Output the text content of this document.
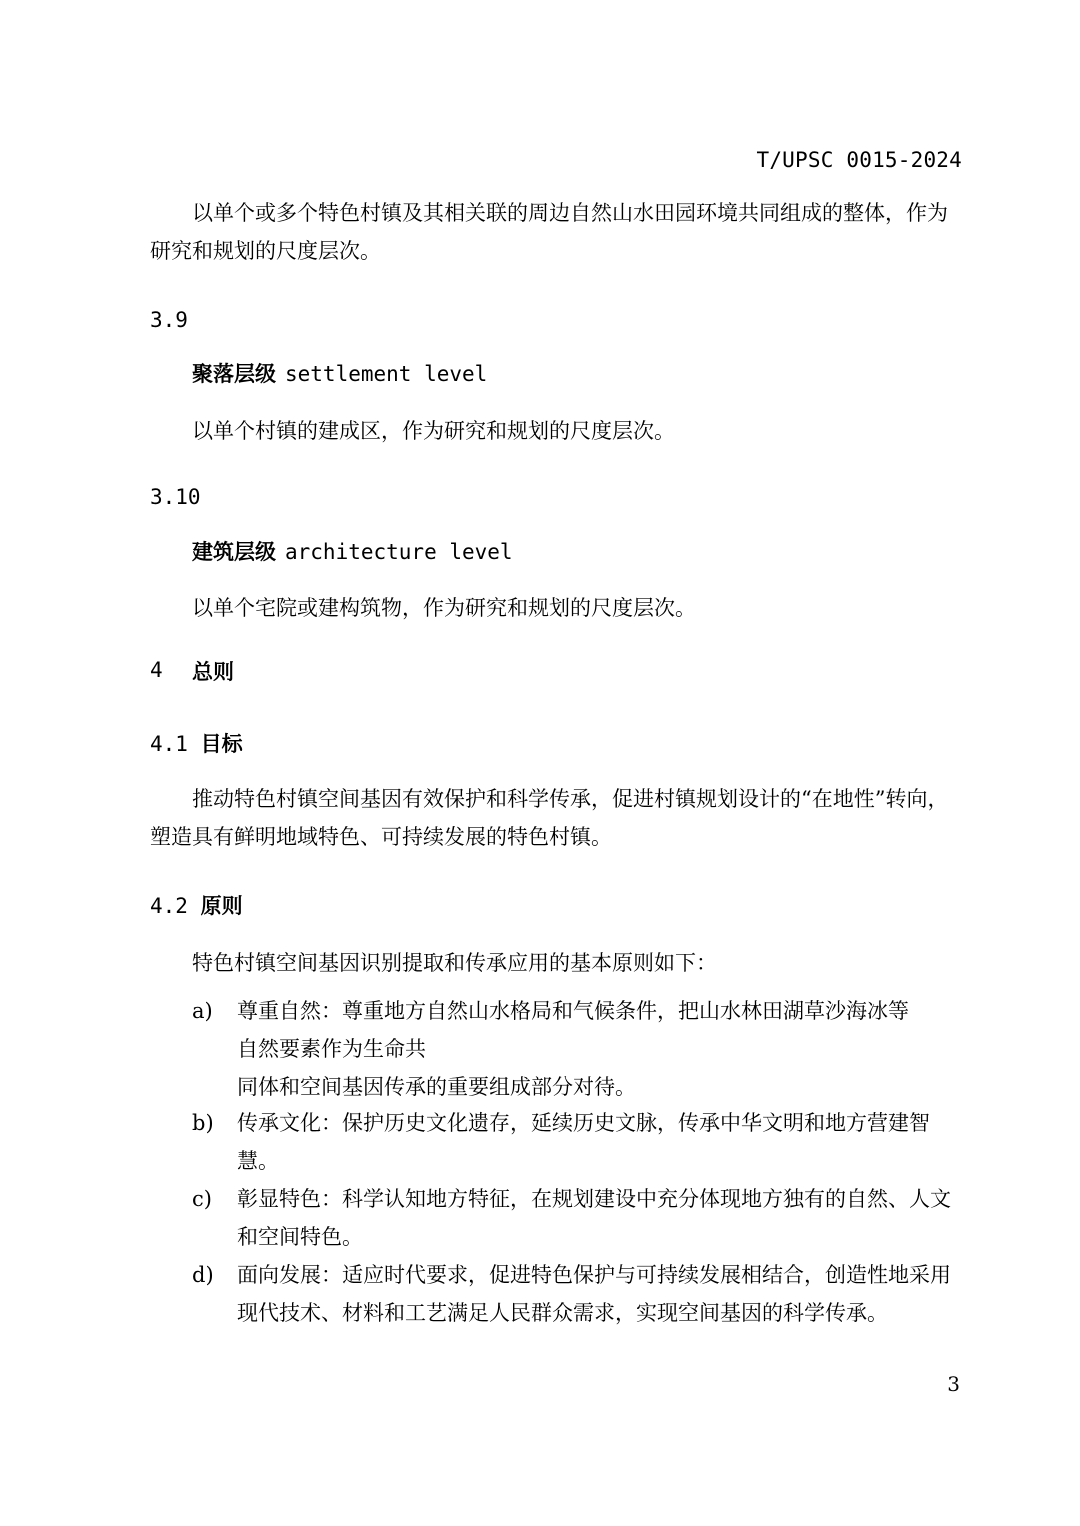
T/UPSC 0015-2024
以单个或多个特色村镇及其相关联的周边自然山水田园环境共同组成的整体，作为研究和规划的尺度层次。
3.9
聚落层级 settlement level
以单个村镇的建成区，作为研究和规划的尺度层次。
3.10
建筑层级 architecture level
以单个宅院或建构筑物，作为研究和规划的尺度层次。
4 总则
4.1 目标
推动特色村镇空间基因有效保护和科学传承，促进村镇规划设计的“在地性”转向，塑造具有鲜明地域特色、可持续发展的特色村镇。
4.2 原则
特色村镇空间基因识别提取和传承应用的基本原则如下：
a) 尊重自然：尊重地方自然山水格局和气候条件，把山水林田湖草沙海冰等
自然要素作为生命共
同体和空间基因传承的重要组成部分对待。
b) 传承文化：保护历史文化遗存，延续历史文脉，传承中华文明和地方营建智慧。
c) 彰显特色：科学认知地方特征，在规划建设中充分体现地方独有的自然、人文和空间特色。
d) 面向发展：适应时代要求，促进特色保护与可持续发展相结合，创造性地采用现代技术、材料和工艺满足人民群众需求，实现空间基因的科学传承。
3
